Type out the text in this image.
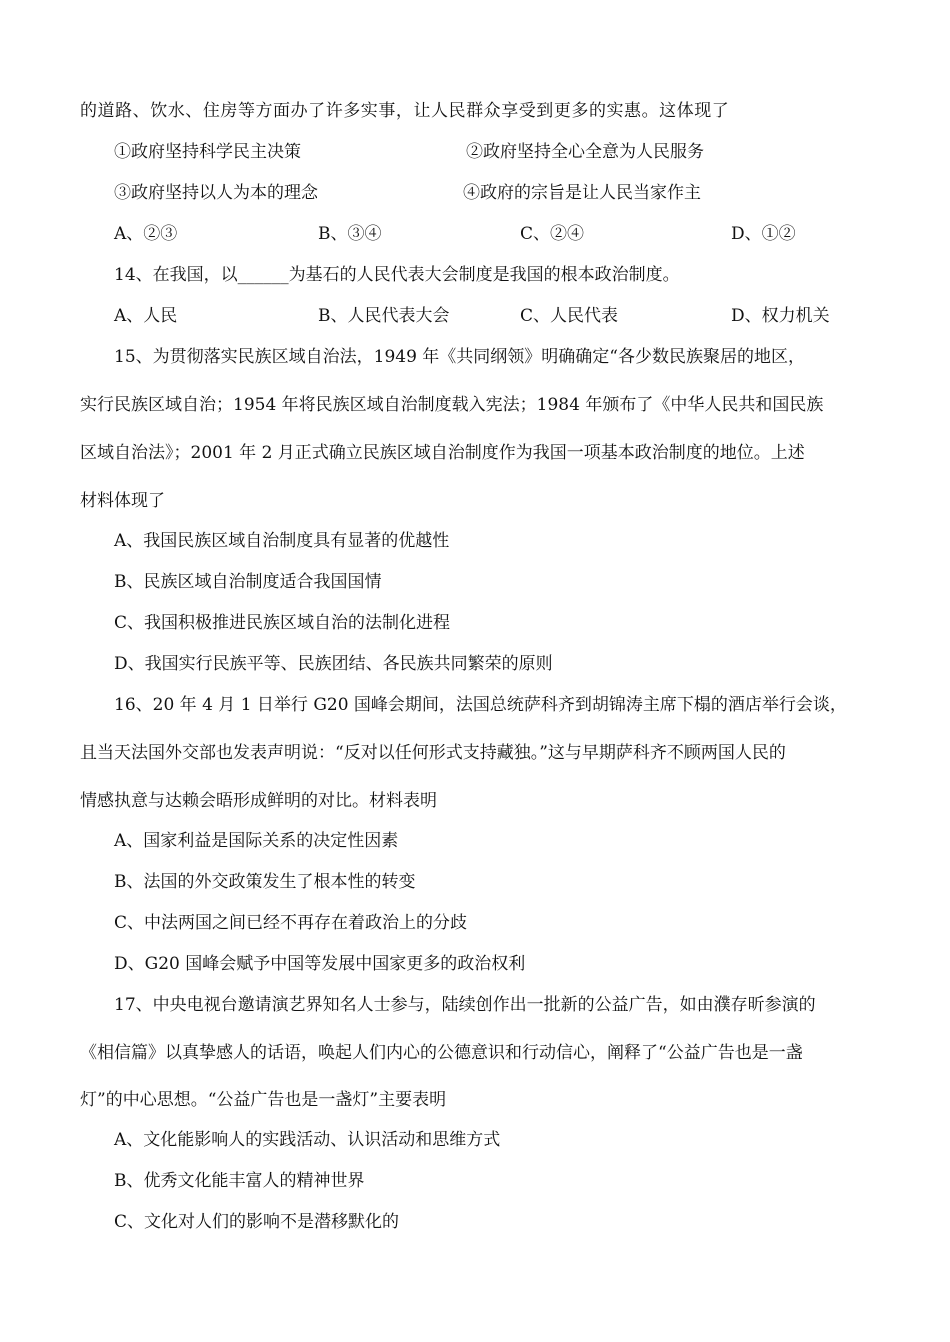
的道路、饮水、住房等方面办了许多实事，让人民群众享受到更多的实惠。这体现了
①政府坚持科学民主决策	②政府坚持全心全意为人民服务
③政府坚持以人为本的理念	④政府的宗旨是让人民当家作主
A、②③	B、③④	C、②④	D、①②
14、在我国，以______为基石的人民代表大会制度是我国的根本政治制度。
A、人民	B、人民代表大会	C、人民代表	D、权力机关
15、为贯彻落实民族区域自治法，1949 年《共同纲领》明确确定“各少数民族聚居的地区，
实行民族区域自治；1954 年将民族区域自治制度载入宪法；1984 年颁布了《中华人民共和国民族
区域自治法》；2001 年 2 月正式确立民族区域自治制度作为我国一项基本政治制度的地位。上述
材料体现了
A、我国民族区域自治制度具有显著的优越性
B、民族区域自治制度适合我国国情
C、我国积极推进民族区域自治的法制化进程
D、我国实行民族平等、民族团结、各民族共同繁荣的原则
16、20 年 4 月 1 日举行 G20 国峰会期间，法国总统萨科齐到胡锦涛主席下榻的酒店举行会谈，
且当天法国外交部也发表声明说：“反对以任何形式支持藏独。”这与早期萨科齐不顾两国人民的
情感执意与达赖会晤形成鲜明的对比。材料表明
A、国家利益是国际关系的决定性因素
B、法国的外交政策发生了根本性的转变
C、中法两国之间已经不再存在着政治上的分歧
D、G20 国峰会赋予中国等发展中国家更多的政治权利
17、中央电视台邀请演艺界知名人士参与，陆续创作出一批新的公益广告，如由濮存昕参演的
《相信篇》以真挚感人的话语，唤起人们内心的公德意识和行动信心，阐释了“公益广告也是一盏
灯”的中心思想。“公益广告也是一盏灯”主要表明
A、文化能影响人的实践活动、认识活动和思维方式
B、优秀文化能丰富人的精神世界
C、文化对人们的影响不是潜移默化的
